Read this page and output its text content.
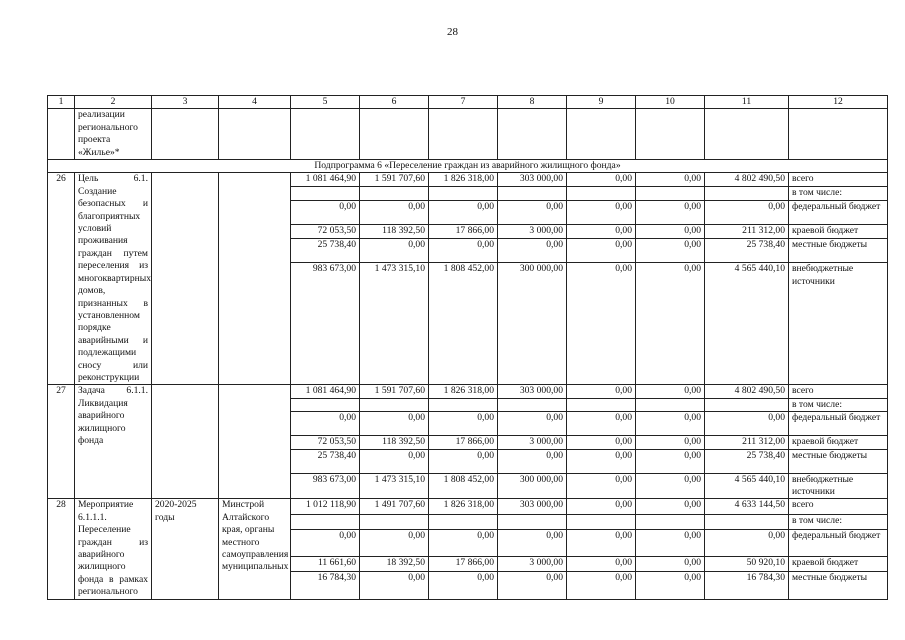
28
1	2	3	4	5	6	7	8	9	10	11	12
	реализации регионального проекта «Жилье»*										
Подпрограмма 6 «Переселение граждан из аварийного жилищного фонда»											
26	Цель 6.1. Создание безопасных и благоприятных условий проживания граждан путем переселения из многоквартирных домов, признанных в установленном порядке аварийными и подлежащими сносу или реконструкции			1 081 464,90	1 591 707,60	1 826 318,00	303 000,00	0,00	0,00	4 802 490,50	всего
											в том числе:
				0,00	0,00	0,00	0,00	0,00	0,00	0,00	федеральный бюджет
				72 053,50	118 392,50	17 866,00	3 000,00	0,00	0,00	211 312,00	краевой бюджет
				25 738,40	0,00	0,00	0,00	0,00	0,00	25 738,40	местные бюджеты
				983 673,00	1 473 315,10	1 808 452,00	300 000,00	0,00	0,00	4 565 440,10	внебюджетные источники
27	Задача 6.1.1. Ликвидация аварийного жилищного фонда			1 081 464,90	1 591 707,60	1 826 318,00	303 000,00	0,00	0,00	4 802 490,50	всего
											в том числе:
				0,00	0,00	0,00	0,00	0,00	0,00	0,00	федеральный бюджет
				72 053,50	118 392,50	17 866,00	3 000,00	0,00	0,00	211 312,00	краевой бюджет
				25 738,40	0,00	0,00	0,00	0,00	0,00	25 738,40	местные бюджеты
				983 673,00	1 473 315,10	1 808 452,00	300 000,00	0,00	0,00	4 565 440,10	внебюджетные источники
28	Мероприятие 6.1.1.1. Переселение граждан из аварийного жилищного фонда в рамках регионального	2020-2025 годы	Минстрой Алтайского края, органы местного самоуправления муниципальных	1 012 118,90	1 491 707,60	1 826 318,00	303 000,00	0,00	0,00	4 633 144,50	всего
											в том числе:
				0,00	0,00	0,00	0,00	0,00	0,00	0,00	федеральный бюджет
				11 661,60	18 392,50	17 866,00	3 000,00	0,00	0,00	50 920,10	краевой бюджет
				16 784,30	0,00	0,00	0,00	0,00	0,00	16 784,30	местные бюджеты
